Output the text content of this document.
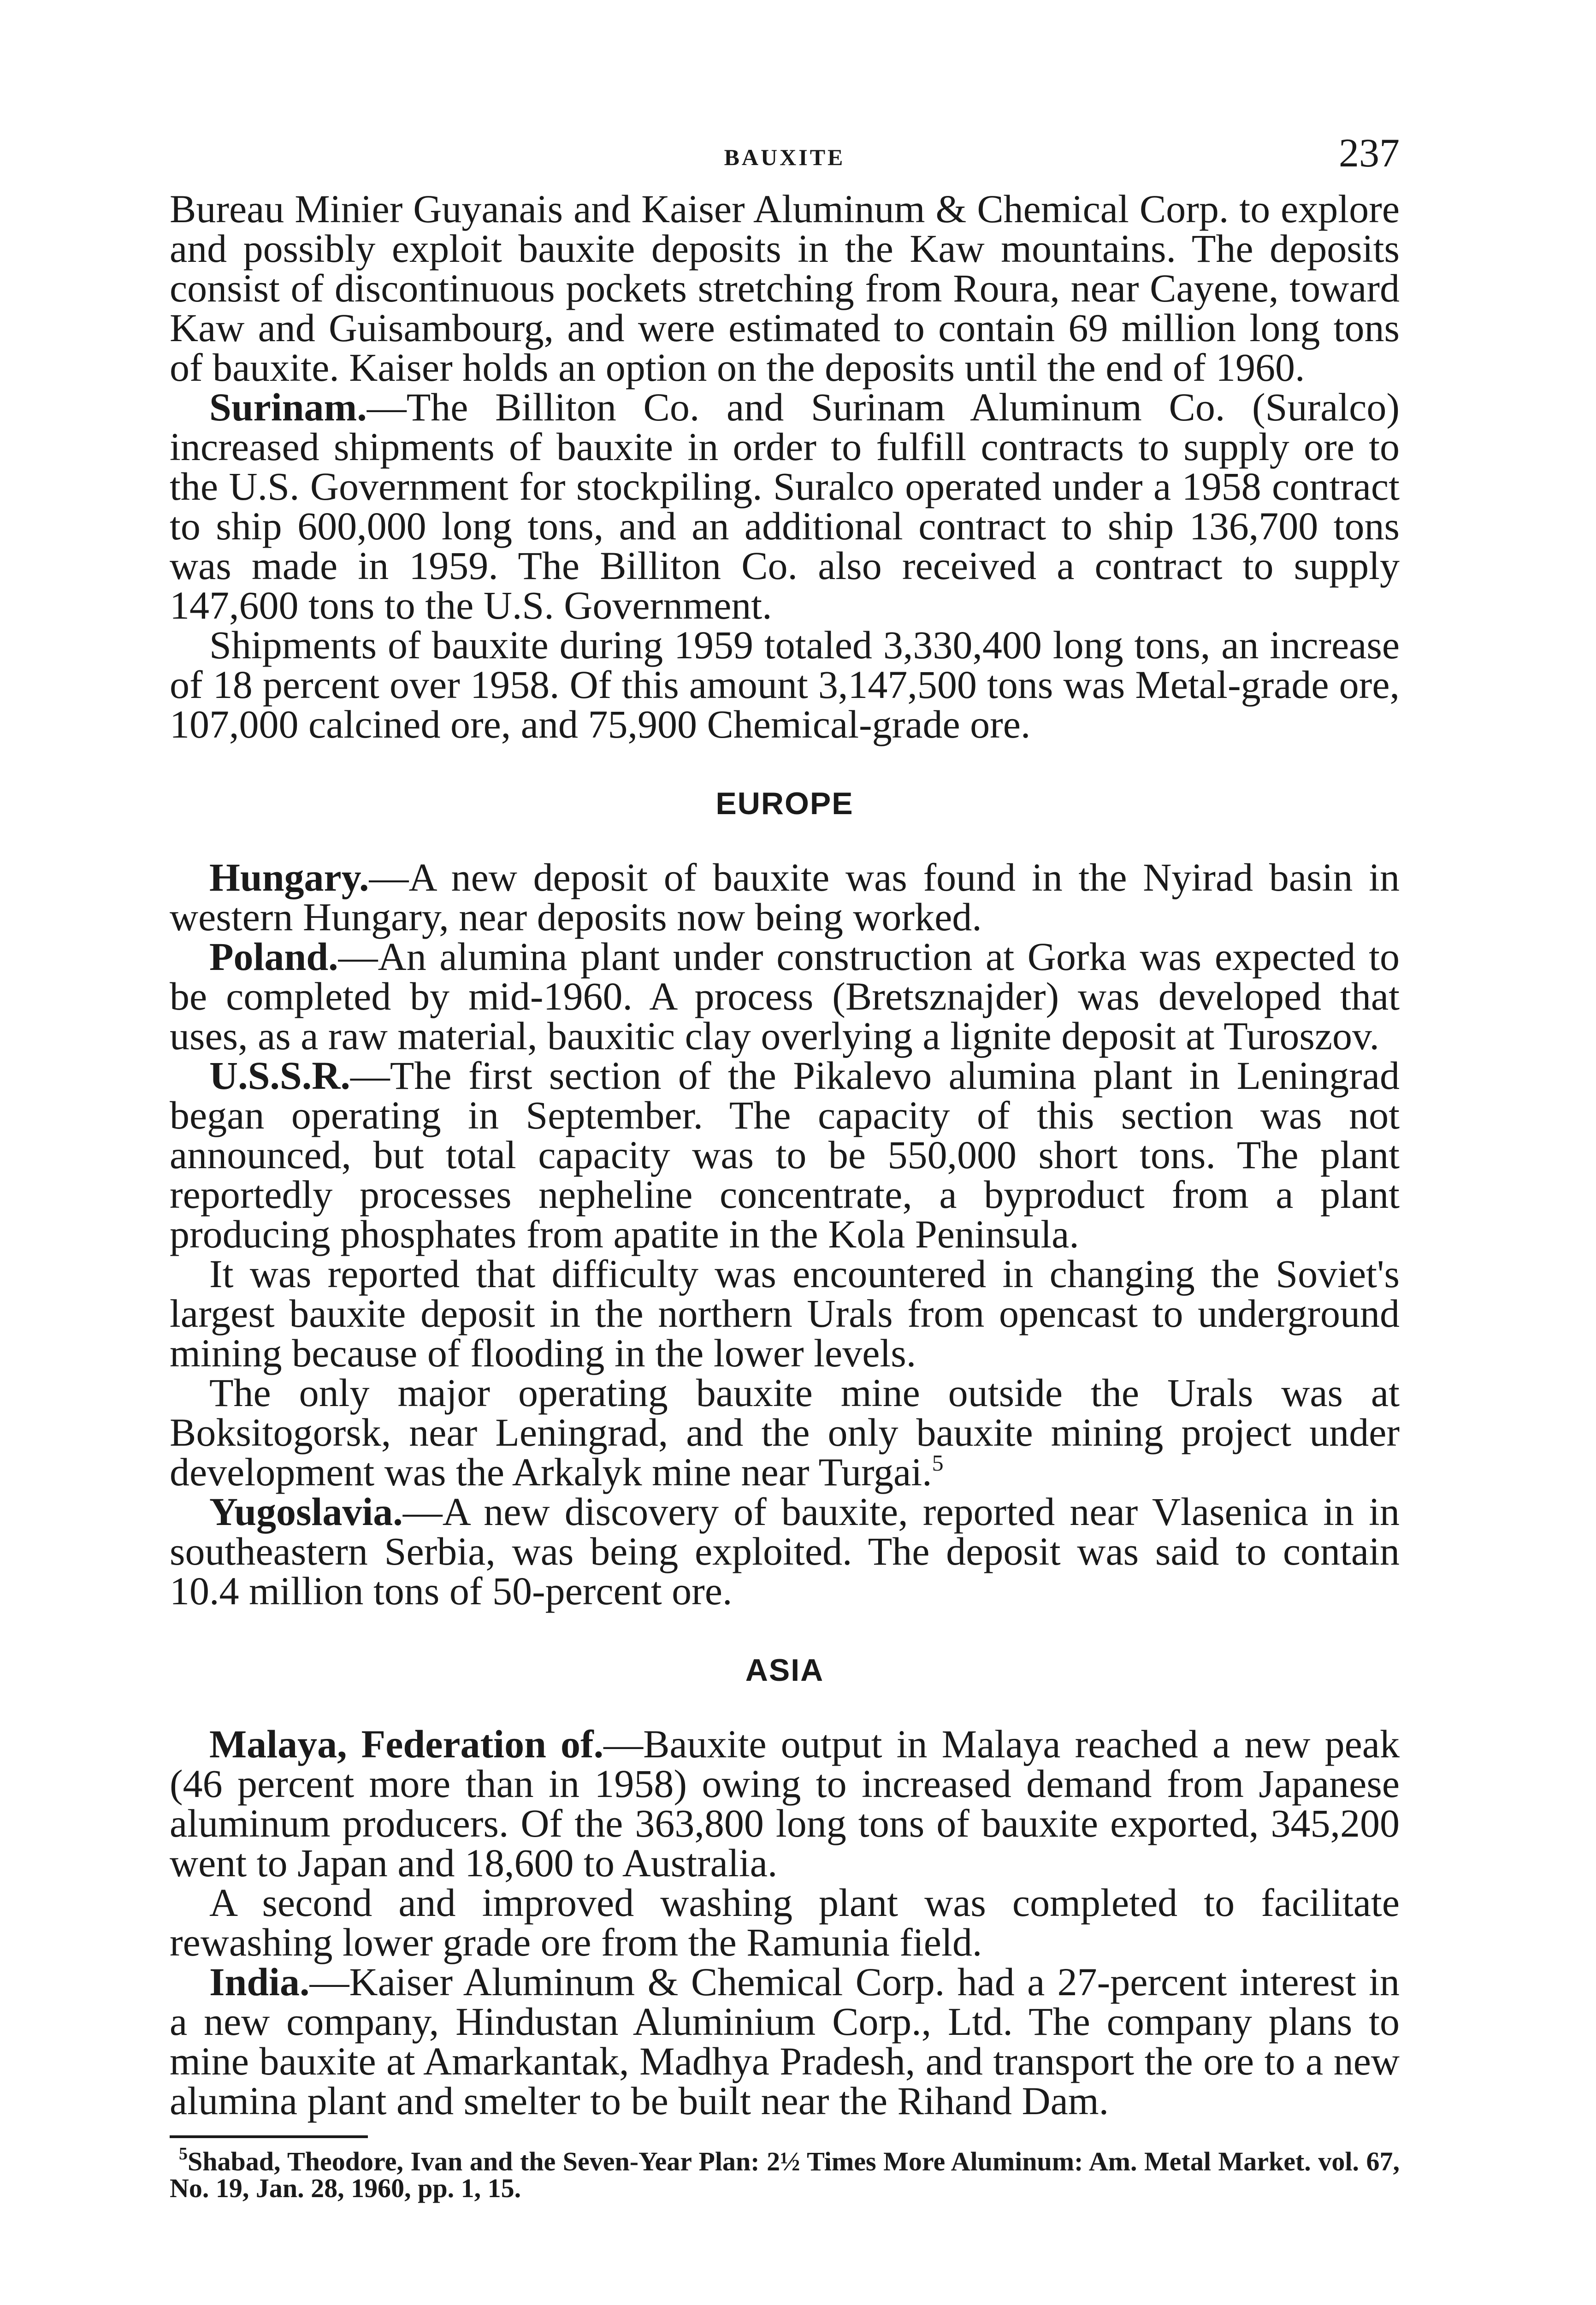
BAUXITE	237

Bureau Minier Guyanais and Kaiser Aluminum & Chemical Corp. to explore and possibly exploit bauxite deposits in the Kaw mountains. The deposits consist of discontinuous pockets stretching from Roura, near Cayene, toward Kaw and Guisambourg, and were estimated to contain 69 million long tons of bauxite. Kaiser holds an option on the deposits until the end of 1960.

Surinam.—The Billiton Co. and Surinam Aluminum Co. (Suralco) increased shipments of bauxite in order to fulfill contracts to supply ore to the U.S. Government for stockpiling. Suralco operated under a 1958 contract to ship 600,000 long tons, and an additional contract to ship 136,700 tons was made in 1959. The Billiton Co. also received a contract to supply 147,600 tons to the U.S. Government.

Shipments of bauxite during 1959 totaled 3,330,400 long tons, an increase of 18 percent over 1958. Of this amount 3,147,500 tons was Metal-grade ore, 107,000 calcined ore, and 75,900 Chemical-grade ore.

EUROPE

Hungary.—A new deposit of bauxite was found in the Nyirad basin in western Hungary, near deposits now being worked.

Poland.—An alumina plant under construction at Gorka was expected to be completed by mid-1960. A process (Bretsznajder) was developed that uses, as a raw material, bauxitic clay overlying a lignite deposit at Turoszov.

U.S.S.R.—The first section of the Pikalevo alumina plant in Leningrad began operating in September. The capacity of this section was not announced, but total capacity was to be 550,000 short tons. The plant reportedly processes nepheline concentrate, a byproduct from a plant producing phosphates from apatite in the Kola Peninsula.

It was reported that difficulty was encountered in changing the Soviet's largest bauxite deposit in the northern Urals from opencast to underground mining because of flooding in the lower levels.

The only major operating bauxite mine outside the Urals was at Boksitogorsk, near Leningrad, and the only bauxite mining project under development was the Arkalyk mine near Turgai.$^5$

Yugoslavia.—A new discovery of bauxite, reported near Vlasenica in in southeastern Serbia, was being exploited. The deposit was said to contain 10.4 million tons of 50-percent ore.

ASIA

Malaya, Federation of.—Bauxite output in Malaya reached a new peak (46 percent more than in 1958) owing to increased demand from Japanese aluminum producers. Of the 363,800 long tons of bauxite exported, 345,200 went to Japan and 18,600 to Australia.

A second and improved washing plant was completed to facilitate rewashing lower grade ore from the Ramunia field.

India.—Kaiser Aluminum & Chemical Corp. had a 27-percent interest in a new company, Hindustan Aluminium Corp., Ltd. The company plans to mine bauxite at Amarkantak, Madhya Pradesh, and transport the ore to a new alumina plant and smelter to be built near the Rihand Dam.

$^5$Shabad, Theodore, Ivan and the Seven-Year Plan: 2½ Times More Aluminum: Am. Metal Market. vol. 67, No. 19, Jan. 28, 1960, pp. 1, 15.
